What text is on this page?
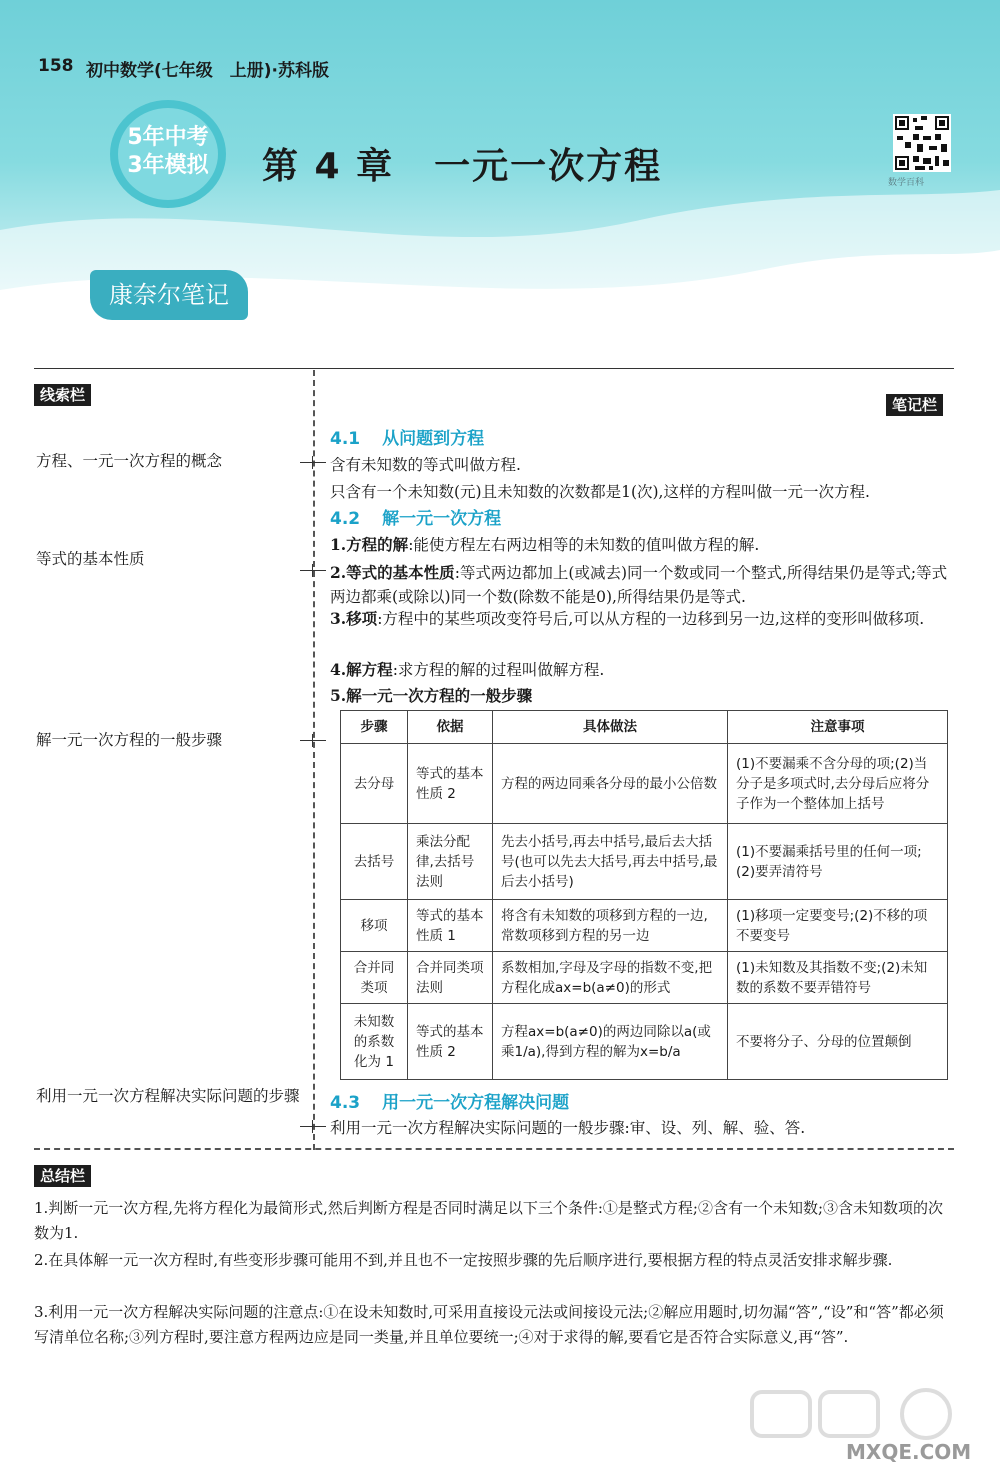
158 初中数学(七年级　上册)·苏科版
5年中考
3年模拟 第 4 章 一元一次方程	数学百科
康奈尔笔记
线索栏
笔记栏
总结栏
方程、一元一次方程的概念
等式的基本性质
解一元一次方程的一般步骤
利用一元一次方程解决实际问题的步骤
4.1 从问题到方程
含有未知数的等式叫做方程.
只含有一个未知数(元)且未知数的次数都是1(次),这样的方程叫做一元一次方程.
4.2 解一元一次方程
1.方程的解:能使方程左右两边相等的未知数的值叫做方程的解.
2.等式的基本性质:等式两边都加上(或减去)同一个数或同一个整式,所得结果仍是等式;等式两边都乘(或除以)同一个数(除数不能是0),所得结果仍是等式.
3.移项:方程中的某些项改变符号后,可以从方程的一边移到另一边,这样的变形叫做移项.
4.解方程:求方程的解的过程叫做解方程.
5.解一元一次方程的一般步骤
步骤	依据	具体做法	注意事项
去分母	等式的基本性质 2	方程的两边同乘各分母的最小公倍数	(1)不要漏乘不含分母的项;(2)当分子是多项式时,去分母后应将分子作为一个整体加上括号
去括号	乘法分配律,去括号法则	先去小括号,再去中括号,最后去大括号(也可以先去大括号,再去中括号,最后去小括号)	(1)不要漏乘括号里的任何一项;(2)要弄清符号
移项	等式的基本性质 1	将含有未知数的项移到方程的一边,常数项移到方程的另一边	(1)移项一定要变号;(2)不移的项不要变号
合并同类项	合并同类项法则	系数相加,字母及字母的指数不变,把方程化成ax=b(a≠0)的形式	(1)未知数及其指数不变;(2)未知数的系数不要弄错符号
未知数的系数化为 1	等式的基本性质 2	方程ax=b(a≠0)的两边同除以a(或乘1/a),得到方程的解为x=b/a	不要将分子、分母的位置颠倒
4.3 用一元一次方程解决问题
利用一元一次方程解决实际问题的一般步骤:审、设、列、解、验、答.
1.判断一元一次方程,先将方程化为最简形式,然后判断方程是否同时满足以下三个条件:①是整式方程;②含有一个未知数;③含未知数项的次数为1.
2.在具体解一元一次方程时,有些变形步骤可能用不到,并且也不一定按照步骤的先后顺序进行,要根据方程的特点灵活安排求解步骤.
3.利用一元一次方程解决实际问题的注意点:①在设未知数时,可采用直接设元法或间接设元法;②解应用题时,切勿漏“答”,“设”和“答”都必须写清单位名称;③列方程时,要注意方程两边应是同一类量,并且单位要统一;④对于求得的解,要看它是否符合实际意义,再“答”.
MXQE.COM
